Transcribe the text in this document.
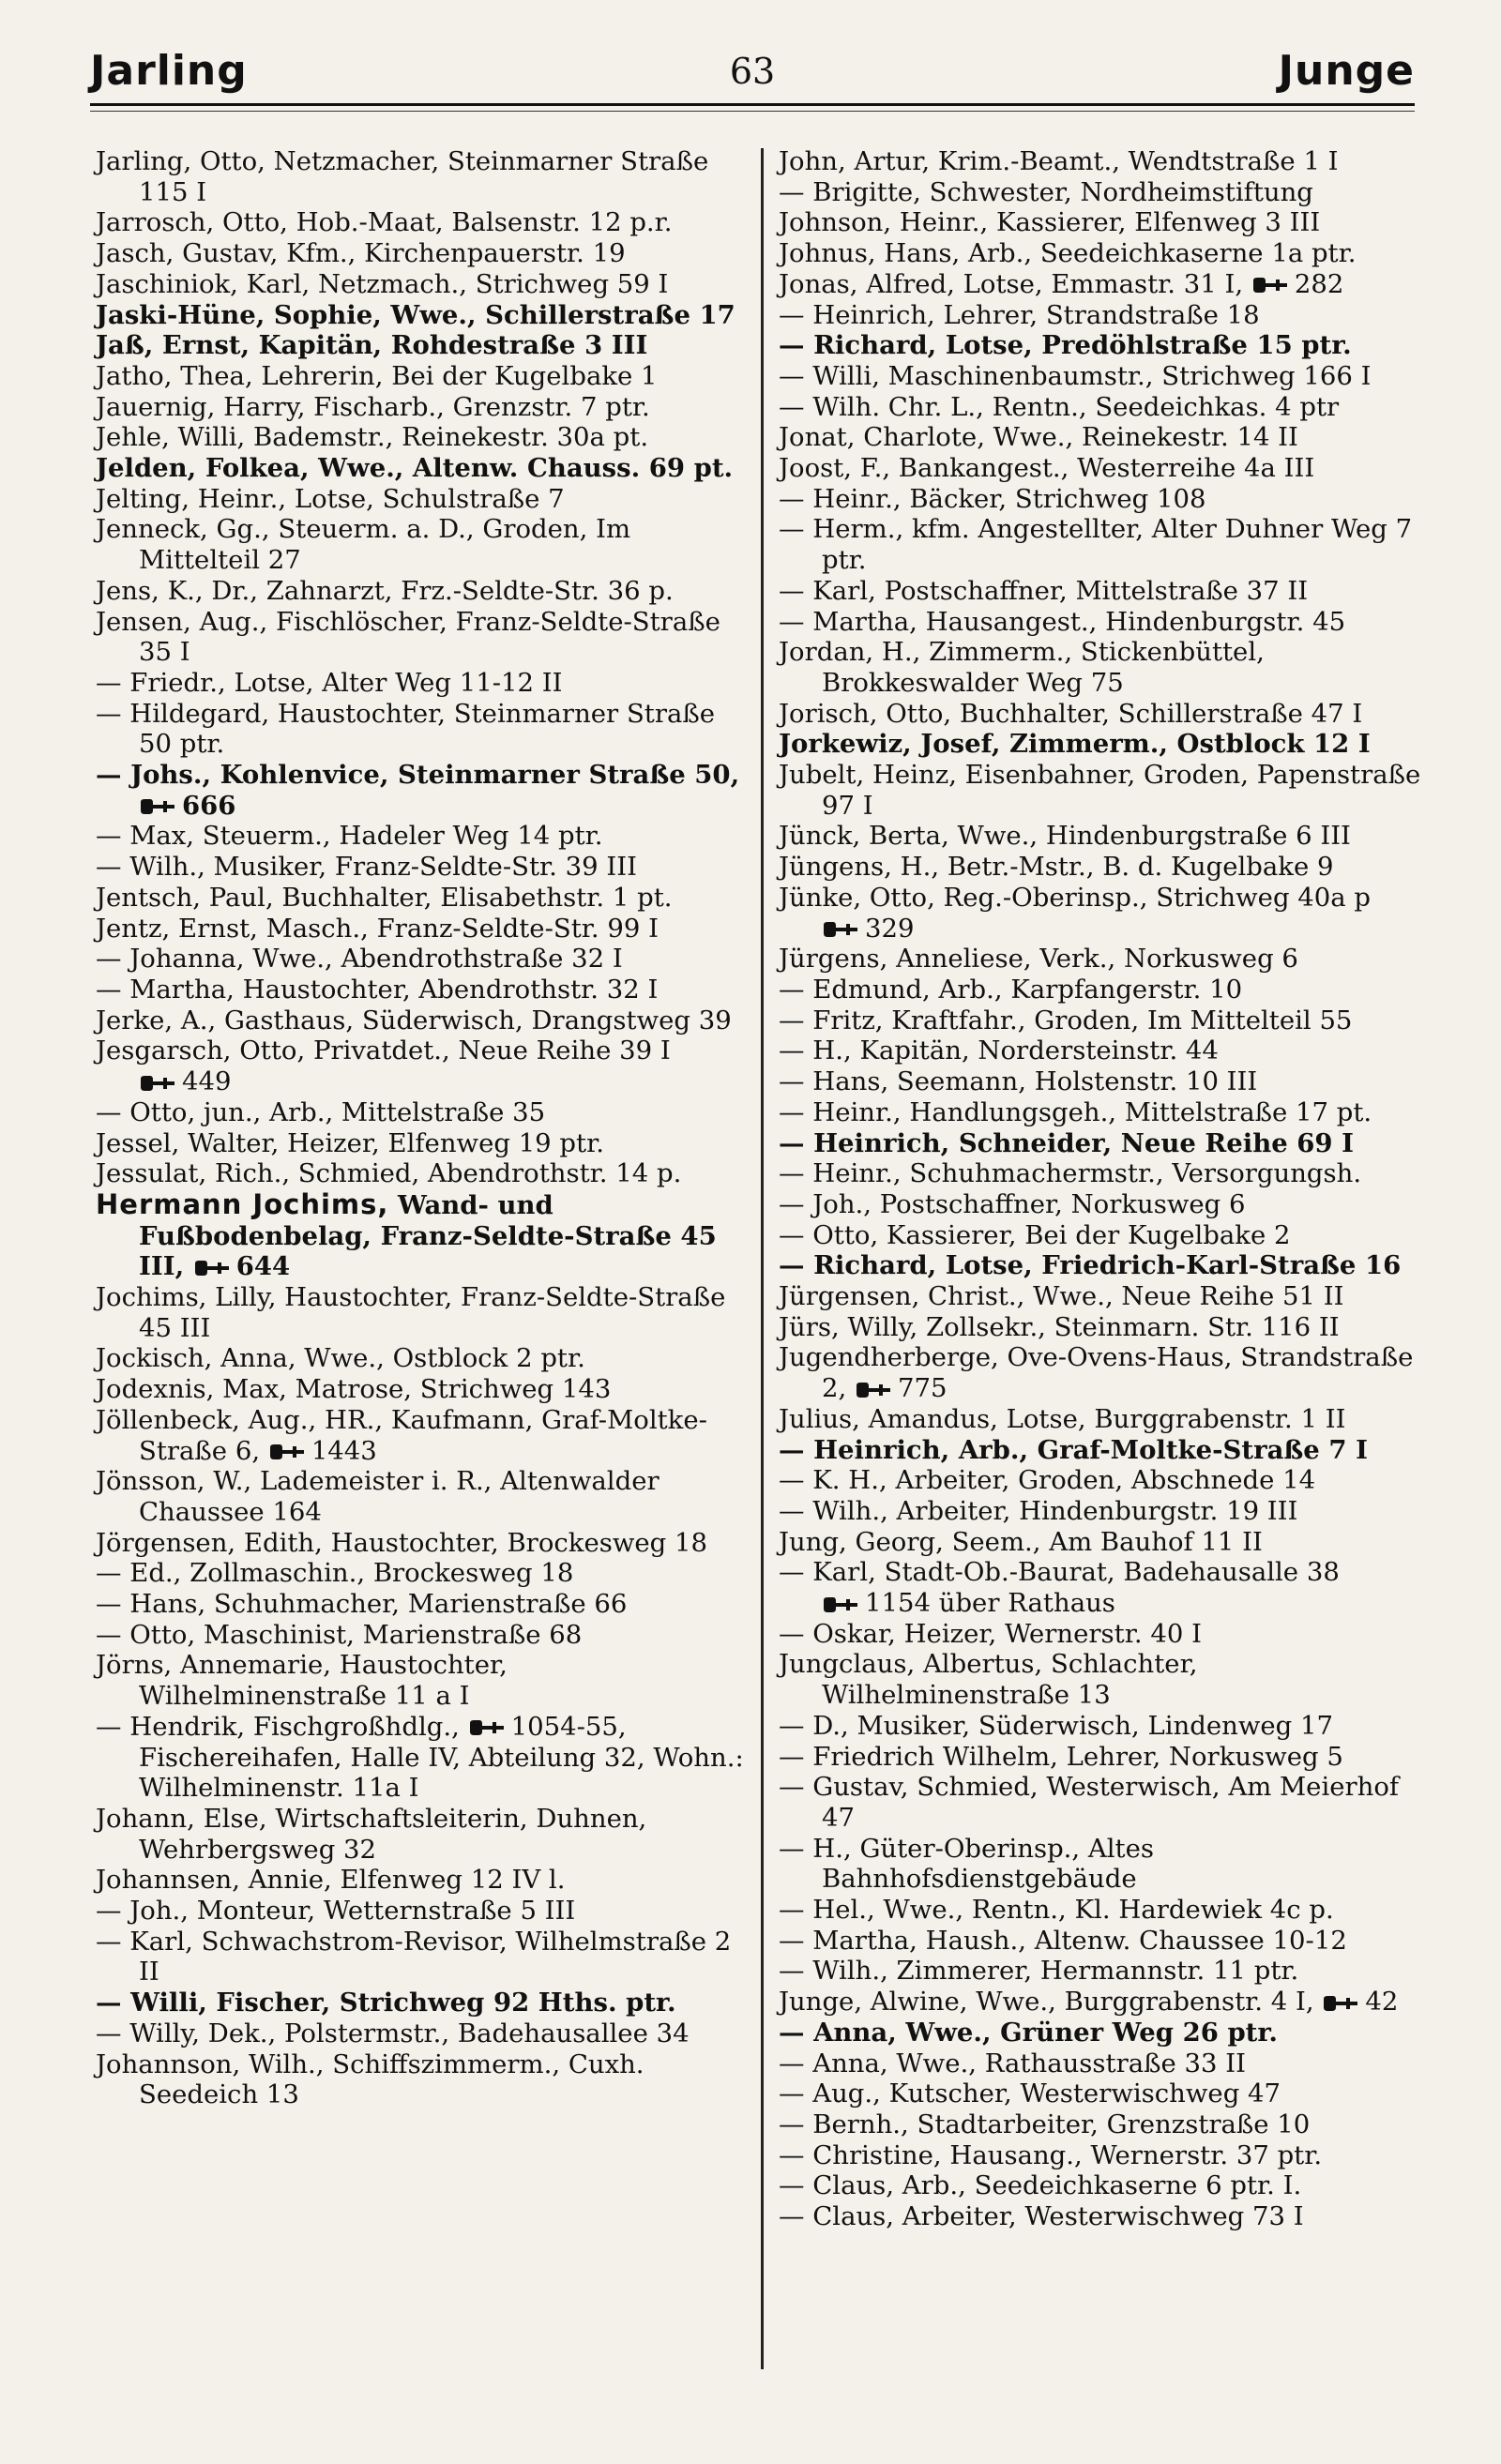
Jarling	63	Junge
Jarling, Otto, Netzmacher, Steinmarner Straße 115 I
Jarrosch, Otto, Hob.-Maat, Balsenstr. 12 p.r.
Jasch, Gustav, Kfm., Kirchenpauerstr. 19
Jaschiniok, Karl, Netzmach., Strichweg 59 I
Jaski-Hüne, Sophie, Wwe., Schillerstraße 17
Jaß, Ernst, Kapitän, Rohdestraße 3 III
Jatho, Thea, Lehrerin, Bei der Kugelbake 1
Jauernig, Harry, Fischarb., Grenzstr. 7 ptr.
Jehle, Willi, Bademstr., Reinekestr. 30a pt.
Jelden, Folkea, Wwe., Altenw. Chauss. 69 pt.
Jelting, Heinr., Lotse, Schulstraße 7
Jenneck, Gg., Steuerm. a. D., Groden, Im Mittelteil 27
Jens, K., Dr., Zahnarzt, Frz.-Seldte-Str. 36 p.
Jensen, Aug., Fischlöscher, Franz-Seldte-Straße 35 I
— Friedr., Lotse, Alter Weg 11-12 II
— Hildegard, Haustochter, Steinmarner Straße 50 ptr.
— Johs., Kohlenvice, Steinmarner Straße 50, 666
— Max, Steuerm., Hadeler Weg 14 ptr.
— Wilh., Musiker, Franz-Seldte-Str. 39 III
Jentsch, Paul, Buchhalter, Elisabethstr. 1 pt.
Jentz, Ernst, Masch., Franz-Seldte-Str. 99 I
— Johanna, Wwe., Abendrothstraße 32 I
— Martha, Haustochter, Abendrothstr. 32 I
Jerke, A., Gasthaus, Süderwisch, Drangstweg 39
Jesgarsch, Otto, Privatdet., Neue Reihe 39 I 449
— Otto, jun., Arb., Mittelstraße 35
Jessel, Walter, Heizer, Elfenweg 19 ptr.
Jessulat, Rich., Schmied, Abendrothstr. 14 p.
Hermann Jochims, Wand- und Fußbodenbelag, Franz-Seldte-Straße 45 III, 644
Jochims, Lilly, Haustochter, Franz-Seldte-Straße 45 III
Jockisch, Anna, Wwe., Ostblock 2 ptr.
Jodexnis, Max, Matrose, Strichweg 143
Jöllenbeck, Aug., HR., Kaufmann, Graf-Moltke-Straße 6, 1443
Jönsson, W., Lademeister i. R., Altenwalder Chaussee 164
Jörgensen, Edith, Haustochter, Brockesweg 18
— Ed., Zollmaschin., Brockesweg 18
— Hans, Schuhmacher, Marienstraße 66
— Otto, Maschinist, Marienstraße 68
Jörns, Annemarie, Haustochter, Wilhelminenstraße 11 a I
— Hendrik, Fischgroßhdlg., 1054-55, Fischereihafen, Halle IV, Abteilung 32, Wohn.: Wilhelminenstr. 11a I
Johann, Else, Wirtschaftsleiterin, Duhnen, Wehrbergsweg 32
Johannsen, Annie, Elfenweg 12 IV l.
— Joh., Monteur, Wetternstraße 5 III
— Karl, Schwachstrom-Revisor, Wilhelmstraße 2 II
— Willi, Fischer, Strichweg 92 Hths. ptr.
— Willy, Dek., Polstermstr., Badehausallee 34
Johannson, Wilh., Schiffszimmerm., Cuxh. Seedeich 13
John, Artur, Krim.-Beamt., Wendtstraße 1 I
— Brigitte, Schwester, Nordheimstiftung
Johnson, Heinr., Kassierer, Elfenweg 3 III
Johnus, Hans, Arb., Seedeichkaserne 1a ptr.
Jonas, Alfred, Lotse, Emmastr. 31 I, 282
— Heinrich, Lehrer, Strandstraße 18
— Richard, Lotse, Predöhlstraße 15 ptr.
— Willi, Maschinenbaumstr., Strichweg 166 I
— Wilh. Chr. L., Rentn., Seedeichkas. 4 ptr
Jonat, Charlote, Wwe., Reinekestr. 14 II
Joost, F., Bankangest., Westerreihe 4a III
— Heinr., Bäcker, Strichweg 108
— Herm., kfm. Angestellter, Alter Duhner Weg 7 ptr.
— Karl, Postschaffner, Mittelstraße 37 II
— Martha, Hausangest., Hindenburgstr. 45
Jordan, H., Zimmerm., Stickenbüttel, Brokkeswalder Weg 75
Jorisch, Otto, Buchhalter, Schillerstraße 47 I
Jorkewiz, Josef, Zimmerm., Ostblock 12 I
Jubelt, Heinz, Eisenbahner, Groden, Papenstraße 97 I
Jünck, Berta, Wwe., Hindenburgstraße 6 III
Jüngens, H., Betr.-Mstr., B. d. Kugelbake 9
Jünke, Otto, Reg.-Oberinsp., Strichweg 40a p 329
Jürgens, Anneliese, Verk., Norkusweg 6
— Edmund, Arb., Karpfangerstr. 10
— Fritz, Kraftfahr., Groden, Im Mittelteil 55
— H., Kapitän, Nordersteinstr. 44
— Hans, Seemann, Holstenstr. 10 III
— Heinr., Handlungsgeh., Mittelstraße 17 pt.
— Heinrich, Schneider, Neue Reihe 69 I
— Heinr., Schuhmachermstr., Versorgungsh.
— Joh., Postschaffner, Norkusweg 6
— Otto, Kassierer, Bei der Kugelbake 2
— Richard, Lotse, Friedrich-Karl-Straße 16
Jürgensen, Christ., Wwe., Neue Reihe 51 II
Jürs, Willy, Zollsekr., Steinmarn. Str. 116 II
Jugendherberge, Ove-Ovens-Haus, Strandstraße 2, 775
Julius, Amandus, Lotse, Burggrabenstr. 1 II
— Heinrich, Arb., Graf-Moltke-Straße 7 I
— K. H., Arbeiter, Groden, Abschnede 14
— Wilh., Arbeiter, Hindenburgstr. 19 III
Jung, Georg, Seem., Am Bauhof 11 II
— Karl, Stadt-Ob.-Baurat, Badehausalle 38 1154 über Rathaus
— Oskar, Heizer, Wernerstr. 40 I
Jungclaus, Albertus, Schlachter, Wilhelminenstraße 13
— D., Musiker, Süderwisch, Lindenweg 17
— Friedrich Wilhelm, Lehrer, Norkusweg 5
— Gustav, Schmied, Westerwisch, Am Meierhof 47
— H., Güter-Oberinsp., Altes Bahnhofsdienstgebäude
— Hel., Wwe., Rentn., Kl. Hardewiek 4c p.
— Martha, Haush., Altenw. Chaussee 10-12
— Wilh., Zimmerer, Hermannstr. 11 ptr.
Junge, Alwine, Wwe., Burggrabenstr. 4 I, 42
— Anna, Wwe., Grüner Weg 26 ptr.
— Anna, Wwe., Rathausstraße 33 II
— Aug., Kutscher, Westerwischweg 47
— Bernh., Stadtarbeiter, Grenzstraße 10
— Christine, Hausang., Wernerstr. 37 ptr.
— Claus, Arb., Seedeichkaserne 6 ptr. I.
— Claus, Arbeiter, Westerwischweg 73 I
